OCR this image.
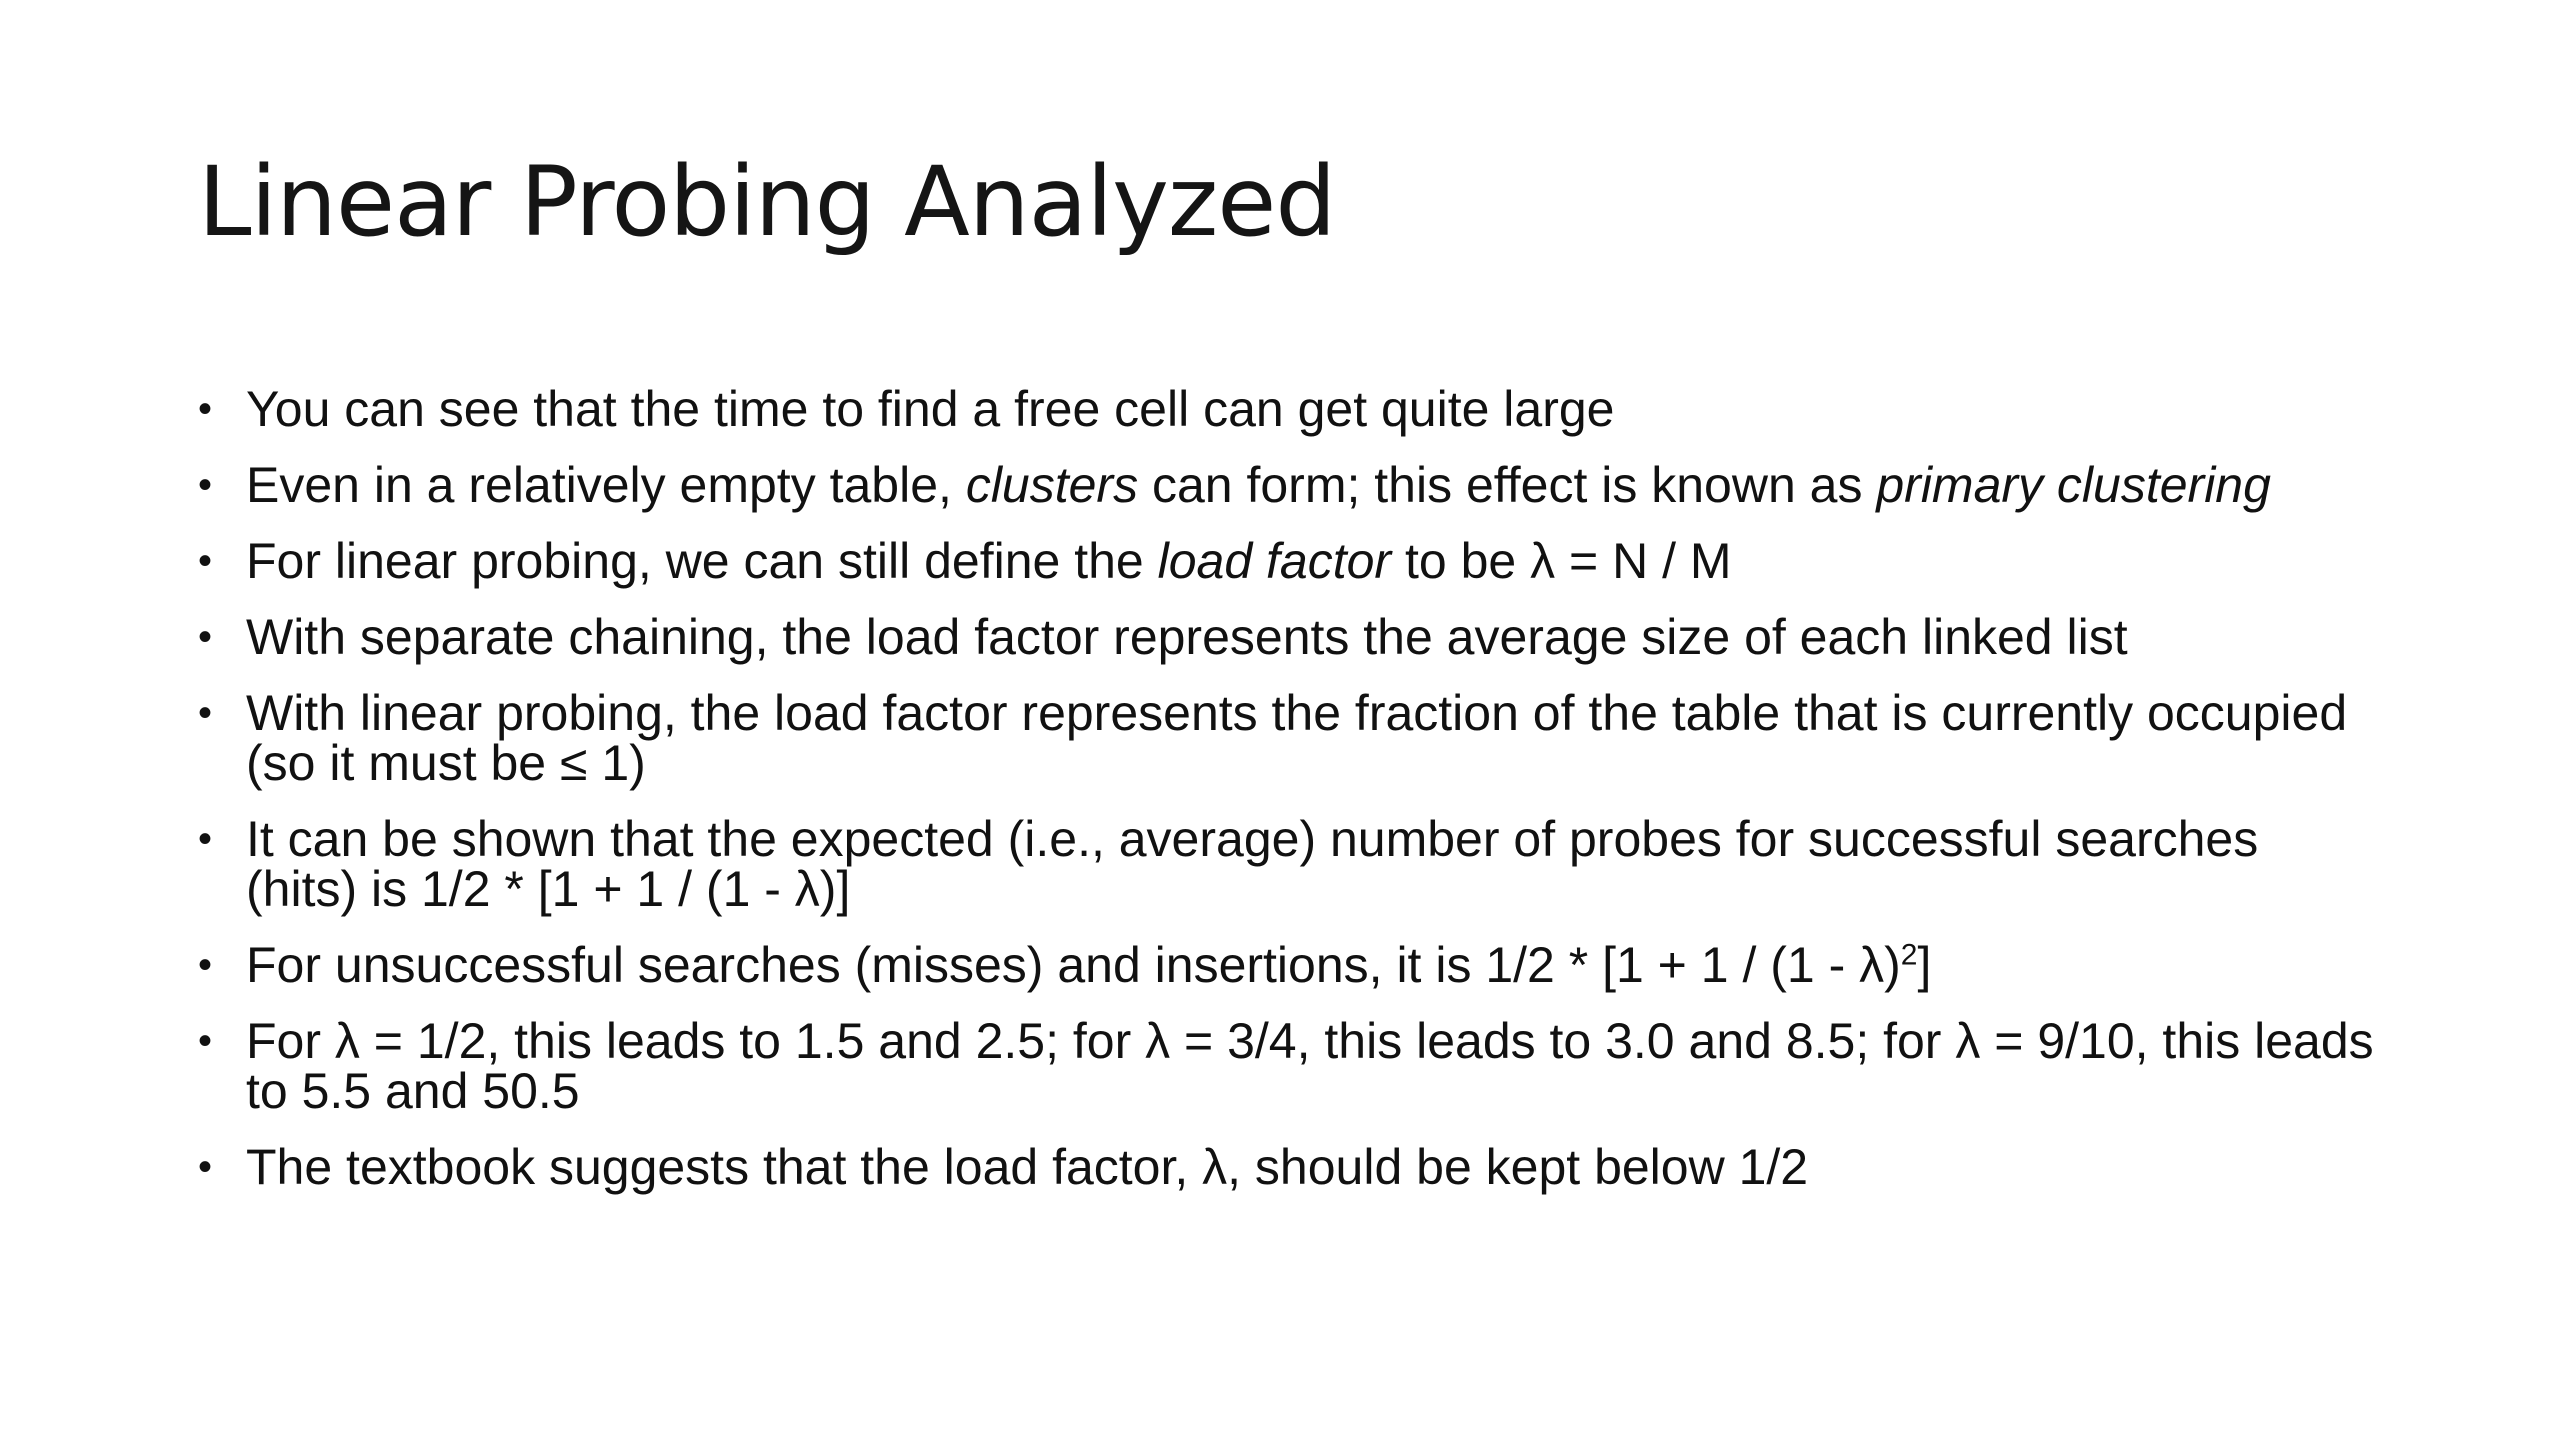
Linear Probing Analyzed
• You can see that the time to find a free cell can get quite large
• Even in a relatively empty table, clusters can form; this effect is known as primary clustering
• For linear probing, we can still define the load factor to be λ = N / M
• With separate chaining, the load factor represents the average size of each linked list
• With linear probing, the load factor represents the fraction of the table that is currently occupied (so it must be ≤ 1)
• It can be shown that the expected (i.e., average) number of probes for successful searches (hits) is 1/2 * [1 + 1 / (1 - λ)]
• For unsuccessful searches (misses) and insertions, it is 1/2 * [1 + 1 / (1 - λ)$^2$]
• For λ = 1/2, this leads to 1.5 and 2.5; for λ = 3/4, this leads to 3.0 and 8.5; for λ = 9/10, this leads to 5.5 and 50.5
• The textbook suggests that the load factor, λ, should be kept below 1/2
